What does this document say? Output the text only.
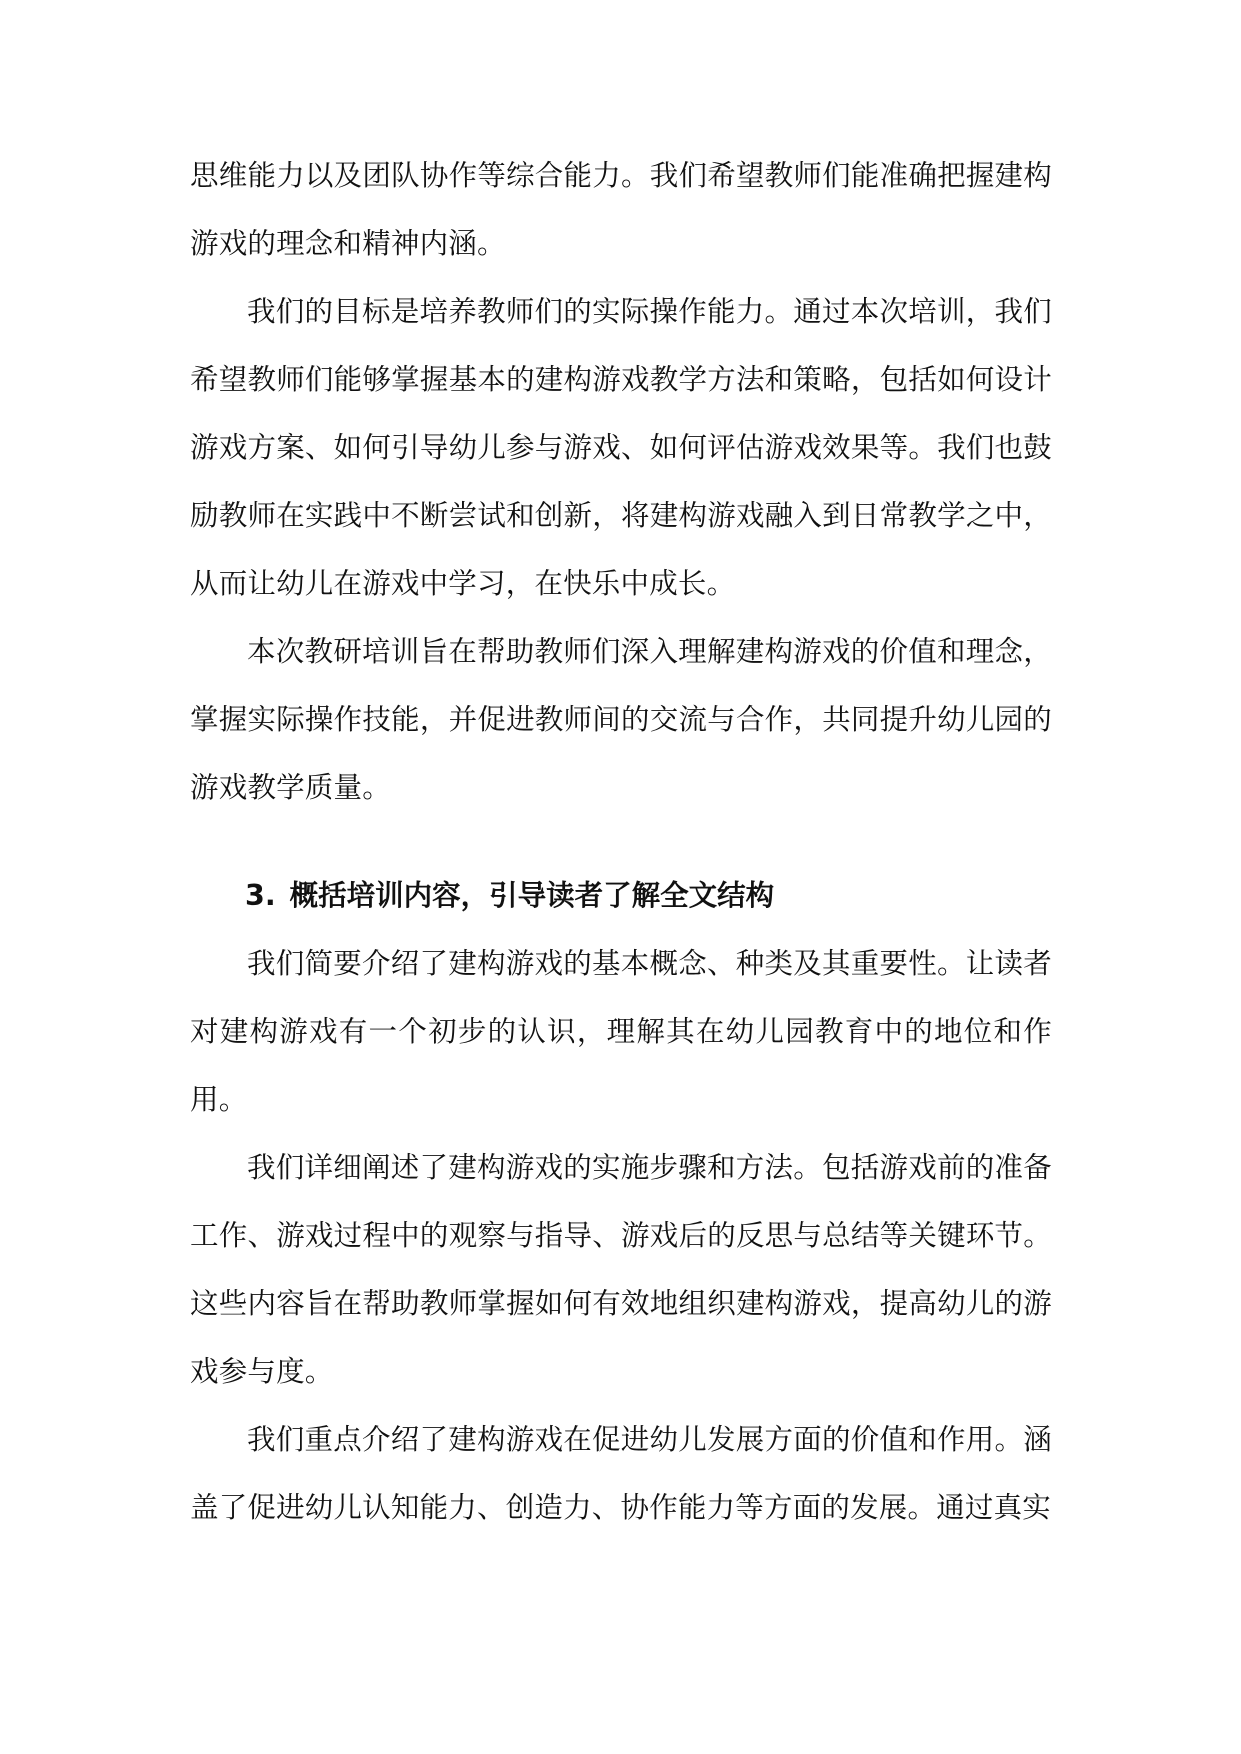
思维能力以及团队协作等综合能力。我们希望教师们能准确把握建构游戏的理念和精神内涵。

我们的目标是培养教师们的实际操作能力。通过本次培训，我们希望教师们能够掌握基本的建构游戏教学方法和策略，包括如何设计游戏方案、如何引导幼儿参与游戏、如何评估游戏效果等。我们也鼓励教师在实践中不断尝试和创新，将建构游戏融入到日常教学之中，从而让幼儿在游戏中学习，在快乐中成长。

本次教研培训旨在帮助教师们深入理解建构游戏的价值和理念，掌握实际操作技能，并促进教师间的交流与合作，共同提升幼儿园的游戏教学质量。

3. 概括培训内容，引导读者了解全文结构

我们简要介绍了建构游戏的基本概念、种类及其重要性。让读者对建构游戏有一个初步的认识，理解其在幼儿园教育中的地位和作用。

我们详细阐述了建构游戏的实施步骤和方法。包括游戏前的准备工作、游戏过程中的观察与指导、游戏后的反思与总结等关键环节。这些内容旨在帮助教师掌握如何有效地组织建构游戏，提高幼儿的游戏参与度。

我们重点介绍了建构游戏在促进幼儿发展方面的价值和作用。涵盖了促进幼儿认知能力、创造力、协作能力等方面的发展。通过真实
